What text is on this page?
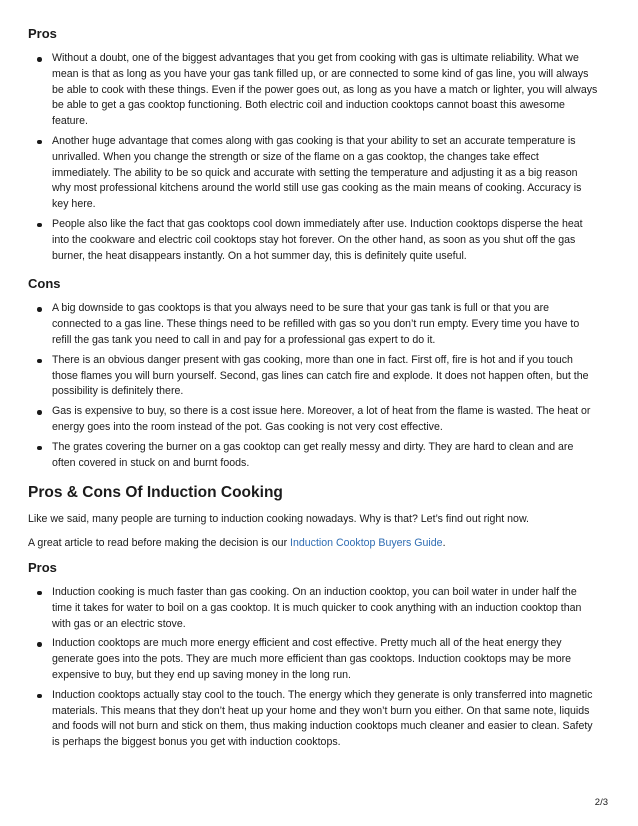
Pros
Without a doubt, one of the biggest advantages that you get from cooking with gas is ultimate reliability. What we mean is that as long as you have your gas tank filled up, or are connected to some kind of gas line, you will always be able to cook with these things. Even if the power goes out, as long as you have a match or lighter, you will always be able to get a gas cooktop functioning. Both electric coil and induction cooktops cannot boast this awesome feature.
Another huge advantage that comes along with gas cooking is that your ability to set an accurate temperature is unrivalled. When you change the strength or size of the flame on a gas cooktop, the changes take effect immediately. The ability to be so quick and accurate with setting the temperature and adjusting it as a big reason why most professional kitchens around the world still use gas cooking as the main means of cooking. Accuracy is key here.
People also like the fact that gas cooktops cool down immediately after use. Induction cooktops disperse the heat into the cookware and electric coil cooktops stay hot forever. On the other hand, as soon as you shut off the gas burner, the heat disappears instantly. On a hot summer day, this is definitely quite useful.
Cons
A big downside to gas cooktops is that you always need to be sure that your gas tank is full or that you are connected to a gas line. These things need to be refilled with gas so you don’t run empty. Every time you have to refill the gas tank you need to call in and pay for a professional gas expert to do it.
There is an obvious danger present with gas cooking, more than one in fact. First off, fire is hot and if you touch those flames you will burn yourself. Second, gas lines can catch fire and explode. It does not happen often, but the possibility is definitely there.
Gas is expensive to buy, so there is a cost issue here. Moreover, a lot of heat from the flame is wasted. The heat or energy goes into the room instead of the pot. Gas cooking is not very cost effective.
The grates covering the burner on a gas cooktop can get really messy and dirty. They are hard to clean and are often covered in stuck on and burnt foods.
Pros & Cons Of Induction Cooking

Like we said, many people are turning to induction cooking nowadays. Why is that? Let’s find out right now.

A great article to read before making the decision is our Induction Cooktop Buyers Guide.

Pros
Induction cooking is much faster than gas cooking. On an induction cooktop, you can boil water in under half the time it takes for water to boil on a gas cooktop. It is much quicker to cook anything with an induction cooktop than with gas or an electric stove.
Induction cooktops are much more energy efficient and cost effective. Pretty much all of the heat energy they generate goes into the pots. They are much more efficient than gas cooktops. Induction cooktops may be more expensive to buy, but they end up saving money in the long run.
Induction cooktops actually stay cool to the touch. The energy which they generate is only transferred into magnetic materials. This means that they don’t heat up your home and they won’t burn you either. On that same note, liquids and foods will not burn and stick on them, thus making induction cooktops much cleaner and easier to clean. Safety is perhaps the biggest bonus you get with induction cooktops.
2/3
